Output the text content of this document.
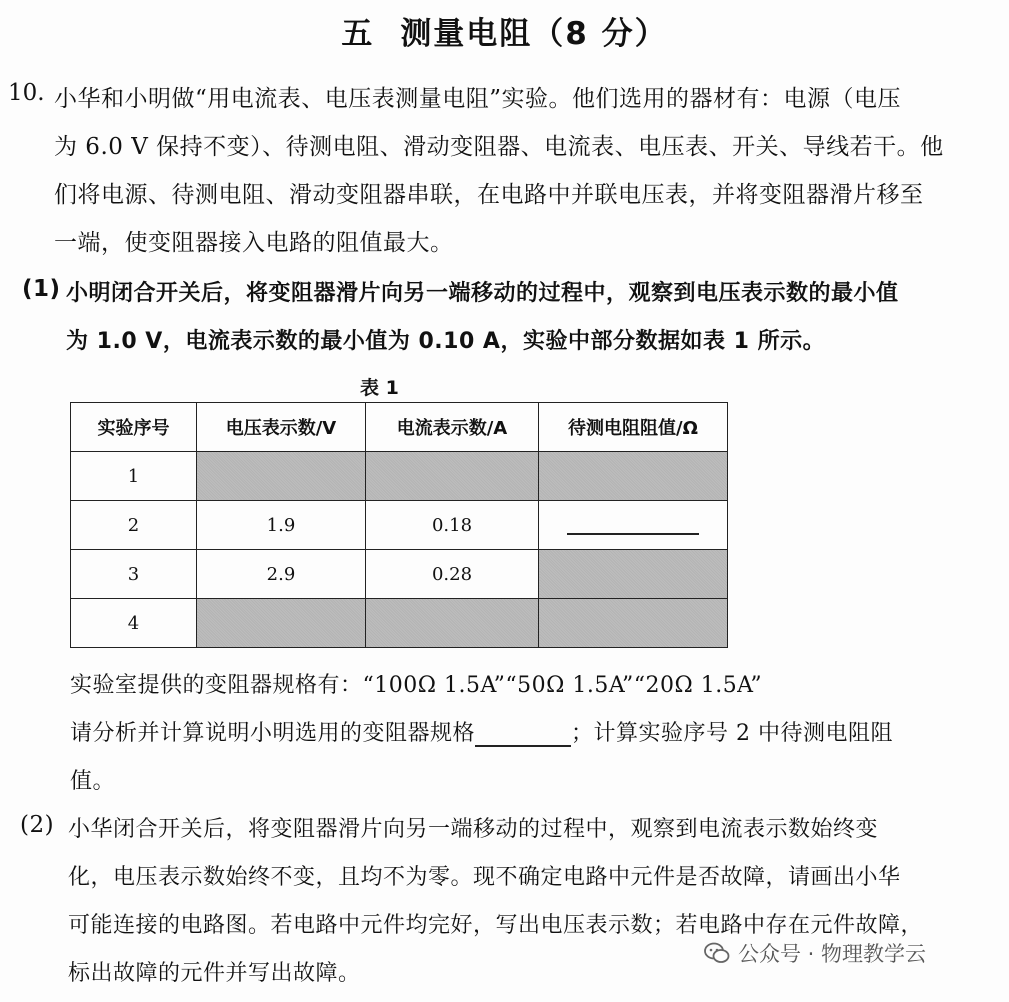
五 测量电阻（8 分）
10. 小华和小明做“用电流表、电压表测量电阻”实验。他们选用的器材有：电源（电压
为 6.0 V 保持不变）、待测电阻、滑动变阻器、电流表、电压表、开关、导线若干。他
们将电源、待测电阻、滑动变阻器串联，在电路中并联电压表，并将变阻器滑片移至
一端，使变阻器接入电路的阻值最大。
(1) 小明闭合开关后，将变阻器滑片向另一端移动的过程中，观察到电压表示数的最小值
为 1.0 V，电流表示数的最小值为 0.10 A，实验中部分数据如表 1 所示。
表 1
实验序号	电压表示数/V	电流表示数/A	待测电阻阻值/Ω
1			
2	1.9	0.18	
3	2.9	0.28	
4			
实验室提供的变阻器规格有：“100Ω 1.5A”“50Ω 1.5A”“20Ω 1.5A”
请分析并计算说明小明选用的变阻器规格	；计算实验序号 2 中待测电阻阻
值。
(2) 小华闭合开关后，将变阻器滑片向另一端移动的过程中，观察到电流表示数始终变
化，电压表示数始终不变，且均不为零。现不确定电路中元件是否故障，请画出小华
可能连接的电路图。若电路中元件均完好，写出电压表示数；若电路中存在元件故障，
标出故障的元件并写出故障。
公众号 · 物理教学云
